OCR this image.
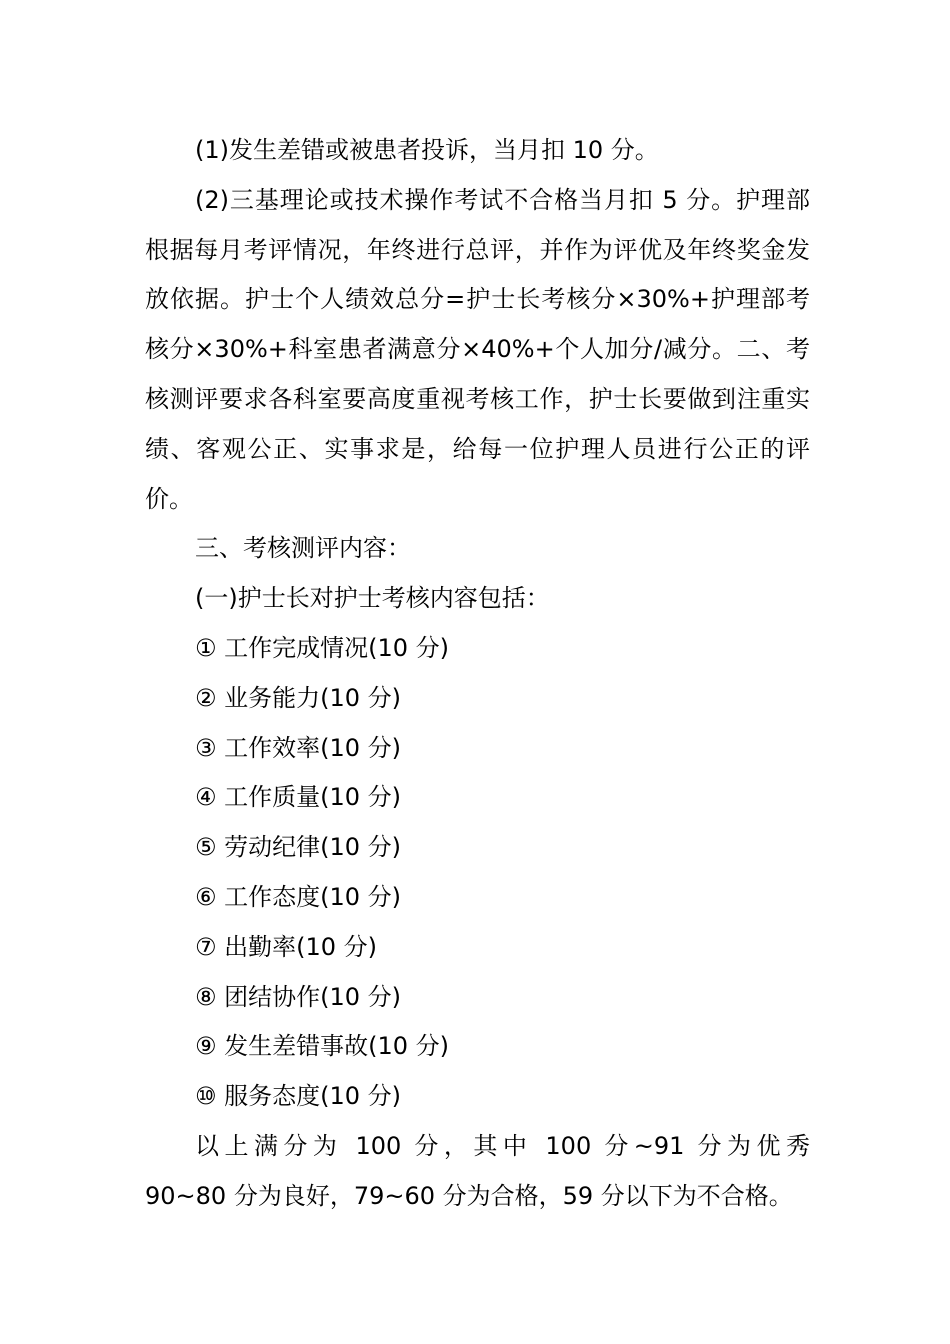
(1)发生差错或被患者投诉，当月扣 10 分。
(2)三基理论或技术操作考试不合格当月扣 5 分。护理部根据每月考评情况，年终进行总评，并作为评优及年终奖金发放依据。护士个人绩效总分=护士长考核分×30%+护理部考核分×30%+科室患者满意分×40%+个人加分/减分。二、考核测评要求各科室要高度重视考核工作，护士长要做到注重实绩、客观公正、实事求是，给每一位护理人员进行公正的评价。
三、考核测评内容：
(一)护士长对护士考核内容包括：
① 工作完成情况(10 分)
② 业务能力(10 分)
③ 工作效率(10 分)
④ 工作质量(10 分)
⑤ 劳动纪律(10 分)
⑥ 工作态度(10 分)
⑦ 出勤率(10 分)
⑧ 团结协作(10 分)
⑨ 发生差错事故(10 分)
⑩ 服务态度(10 分)
以上满分为 100 分，其中 100 分~91 分为优秀
90~80 分为良好，79~60 分为合格，59 分以下为不合格。
